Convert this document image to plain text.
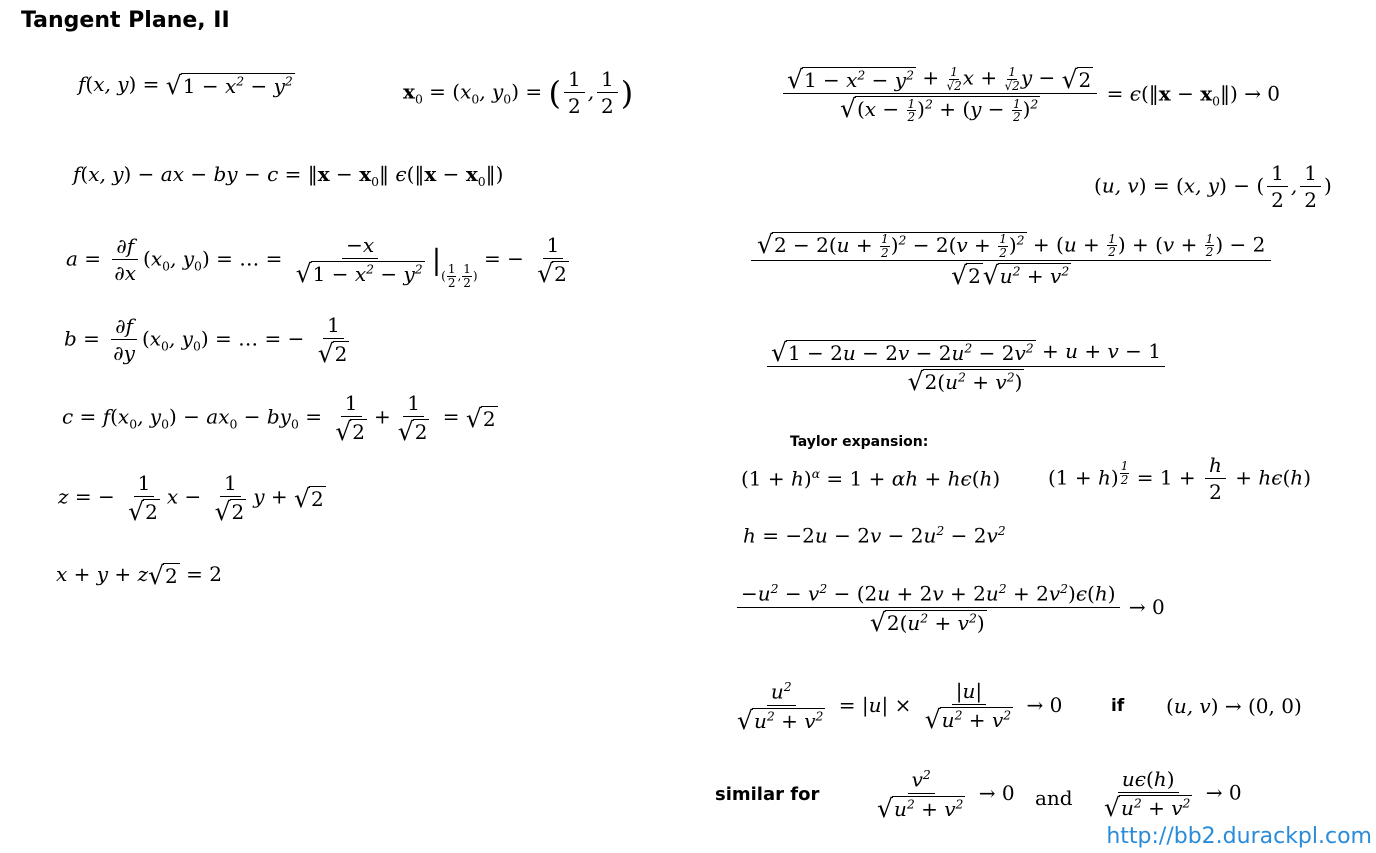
Tangent Plane, II
f(x, y) = √ $1 - x^2 - y^2$	$x_0 = (x_0$, $y_0$) = ( $\frac{1}{2}$ , $\frac{1}{2}$ )
f(x, y) − ax − by − c = ‖x − $x_0‖$ ϵ(‖x − $x_0‖$)
$a = \frac{\partial f}{\partial x} (x_0$, $y_0$) = … = $\frac{-x}{√ 1 - x^2 - y^2} |_{( \frac{1}{2} , \frac{1}{2} )}$ = − $\frac{1}{√ 2}$
$b = \frac{\partial f}{\partial y} (x_0$, $y_0$) = … = − $\frac{1}{√ 2}$
$c = f(x_0$, $y_0) - ax_0 - by_0 = \frac{1}{√ 2} + \frac{1}{√ 2}$ = √ 2
z = − $\frac{1}{√ 2}$ $x - \frac{1}{√ 2}$ y + √ 2
x + y + z √ 2 = 2
$\frac{√ 1 - x^2 - y^2 + \frac{1}{√2} x + \frac{1}{√2} y - √ 2}{√ (x - \frac{1}{2} )^2 + (y - \frac{1}{2} )^2}$ = ϵ(‖x − $x_0‖) \to 0$
(u, v) = (x, y) − ( $\frac{1}{2}$ , $\frac{1}{2}$ )
$\frac{√ 2 - 2(u + \frac{1}{2} )^2 - 2(v + \frac{1}{2} )^2 + (u + \frac{1}{2} ) + (v + \frac{1}{2} ) - 2}{√ 2 √ u^2 + v^2}$
$\frac{√ 1 - 2u - 2v - 2u^2 - 2v^2 + u + v - 1}{√ 2(u^2 + v^2)}$
Taylor expansion:
$(1 + h)^\alpha = 1 + \alpha h + h\epsilon(h)$ (1 + h) $^{\frac{1}{2}} = 1 + \frac{h}{2} + h\epsilon(h)$
$h = -2u - 2v - 2u^2 - 2v^2$
$\frac{-u^2 - v^2 - (2u + 2v + 2u^2 + 2v^2)\epsilon(h)}{√ 2(u^2 + v^2)} \to 0$
$\frac{u^2}{√ u^2 + v^2} = |u| \times \frac{|u|}{√ u^2 + v^2} \to 0$	if (u, v) → (0, 0)
similar for	$\frac{v^2}{√ u^2 + v^2} \to 0$ and $\frac{u\epsilon(h)}{√ u^2 + v^2} \to 0$
http://bb2.durackpl.com
